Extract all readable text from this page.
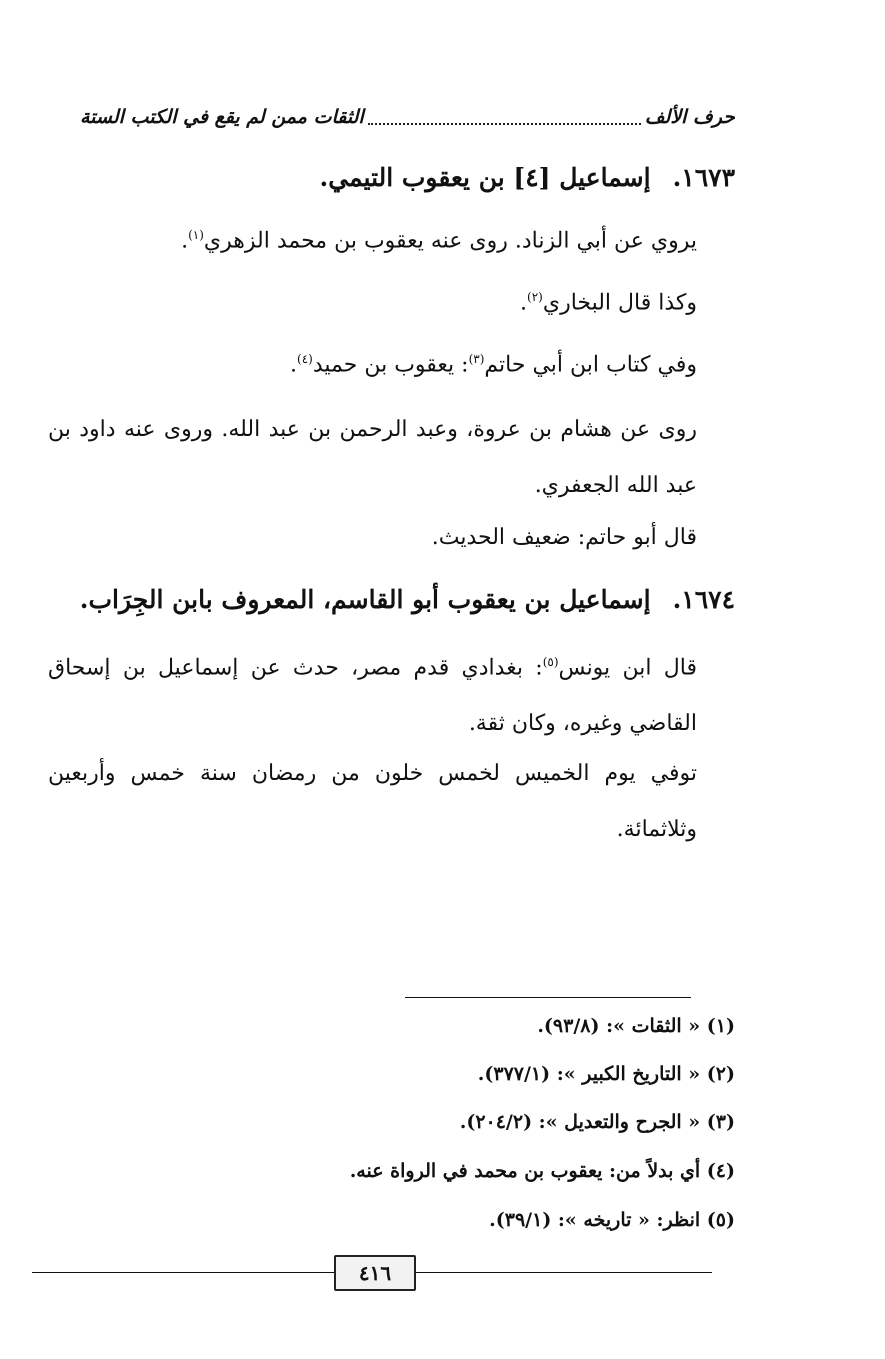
حرف الألف
الثقات ممن لم يقع في الكتب الستة
١٦٧٣.إسماعيل [٤] بن يعقوب التيمي.
يروي عن أبي الزناد. روى عنه يعقوب بن محمد الزهري$^{(١)}$.
وكذا قال البخاري$^{(٢)}$.
وفي كتاب ابن أبي حاتم$^{(٣)}$: يعقوب بن حميد$^{(٤)}$.
روى عن هشام بن عروة، وعبد الرحمن بن عبد الله. وروى عنه داود بن عبد الله الجعفري.
قال أبو حاتم: ضعيف الحديث.
١٦٧٤.إسماعيل بن يعقوب أبو القاسم، المعروف بابن الجِرَاب.
قال ابن يونس$^{(٥)}$: بغدادي قدم مصر، حدث عن إسماعيل بن إسحاق القاضي وغيره، وكان ثقة.
توفي يوم الخميس لخمس خلون من رمضان سنة خمس وأربعين وثلاثمائة.
(١) « الثقات »: (٩٣/٨).
(٢) « التاريخ الكبير »: (٣٧٧/١).
(٣) « الجرح والتعديل »: (٢٠٤/٢).
(٤) أي بدلاً من: يعقوب بن محمد في الرواة عنه.
(٥) انظر: « تاريخه »: (٣٩/١).
٤١٦
